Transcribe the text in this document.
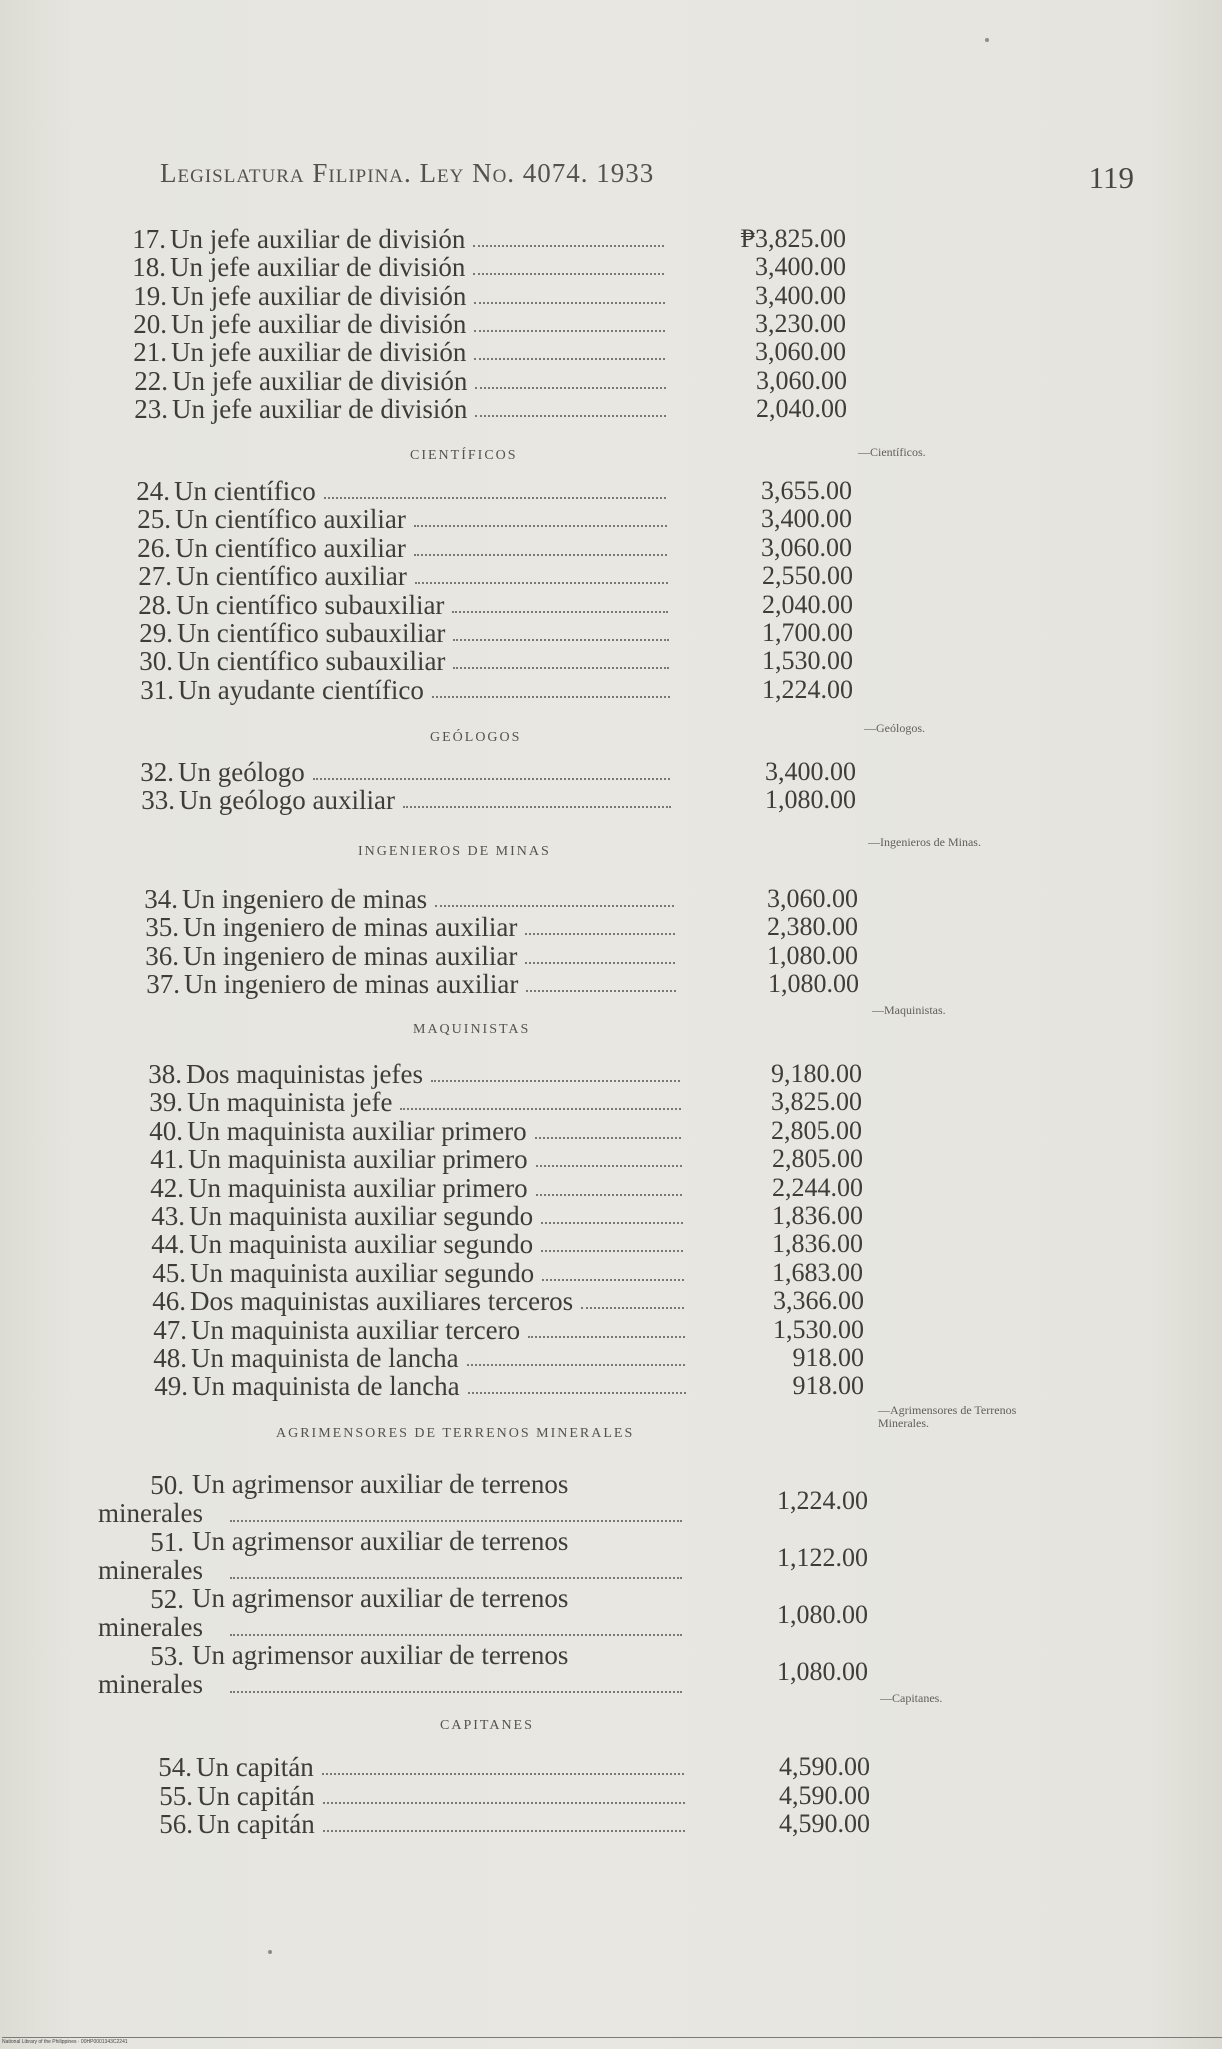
Legislatura Filipina. Ley No. 4074. 1933	119
17. Un jefe auxiliar de división	₱3,825.00
18. Un jefe auxiliar de división	3,400.00
19. Un jefe auxiliar de división	3,400.00
20. Un jefe auxiliar de división	3,230.00
21. Un jefe auxiliar de división	3,060.00
22. Un jefe auxiliar de división	3,060.00
23. Un jefe auxiliar de división	2,040.00
CIENTÍFICOS	—Científicos.
24. Un científico	3,655.00
25. Un científico auxiliar	3,400.00
26. Un científico auxiliar	3,060.00
27. Un científico auxiliar	2,550.00
28. Un científico subauxiliar	2,040.00
29. Un científico subauxiliar	1,700.00
30. Un científico subauxiliar	1,530.00
31. Un ayudante científico	1,224.00
GEÓLOGOS
—Geólogos.
32. Un geólogo	3,400.00
33. Un geólogo auxiliar	1,080.00
INGENIEROS DE MINAS
—Ingenieros de Minas.
34. Un ingeniero de minas	3,060.00
35. Un ingeniero de minas auxiliar	2,380.00
36. Un ingeniero de minas auxiliar	1,080.00
37. Un ingeniero de minas auxiliar	1,080.00
MAQUINISTAS
—Maquinistas.
38. Dos maquinistas jefes	9,180.00
39. Un maquinista jefe	3,825.00
40. Un maquinista auxiliar primero	2,805.00
41. Un maquinista auxiliar primero	2,805.00
42. Un maquinista auxiliar primero	2,244.00
43. Un maquinista auxiliar segundo	1,836.00
44. Un maquinista auxiliar segundo	1,836.00
45. Un maquinista auxiliar segundo	1,683.00
46. Dos maquinistas auxiliares terceros	3,366.00
47. Un maquinista auxiliar tercero	1,530.00
48. Un maquinista de lancha	918.00
49. Un maquinista de lancha	918.00
AGRIMENSORES DE TERRENOS MINERALES
—Agrimensores de Terrenos Minerales.
50. Un agrimensor auxiliar de terrenos
minerales	1,224.00
51. Un agrimensor auxiliar de terrenos
minerales	1,122.00
52. Un agrimensor auxiliar de terrenos
minerales	1,080.00
53. Un agrimensor auxiliar de terrenos
minerales	1,080.00
CAPITANES
—Capitanes.
54. Un capitán	4,590.00
55. Un capitán	4,590.00
56. Un capitán	4,590.00
National Library of the Philippines · 00HP0001343C2241
